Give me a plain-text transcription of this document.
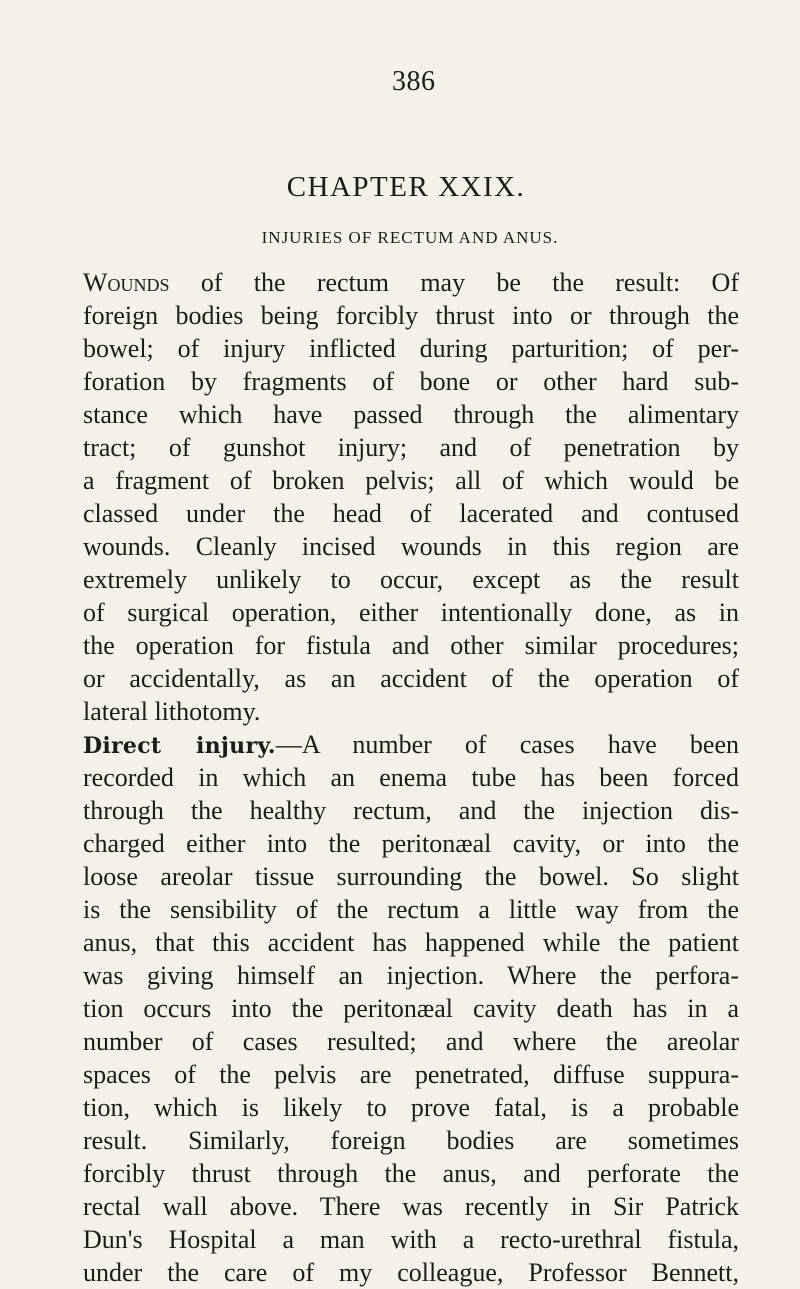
386
CHAPTER XXIX.
INJURIES OF RECTUM AND ANUS.
Wounds of the rectum may be the result: Of
foreign bodies being forcibly thrust into or through the
bowel; of injury inflicted during parturition; of per-
foration by fragments of bone or other hard sub-
stance which have passed through the alimentary
tract; of gunshot injury; and of penetration by
a fragment of broken pelvis; all of which would be
classed under the head of lacerated and contused
wounds. Cleanly incised wounds in this region are
extremely unlikely to occur, except as the result
of surgical operation, either intentionally done, as in
the operation for fistula and other similar procedures;
or accidentally, as an accident of the operation of
lateral lithotomy.
Direct injury.—A number of cases have been
recorded in which an enema tube has been forced
through the healthy rectum, and the injection dis-
charged either into the peritonæal cavity, or into the
loose areolar tissue surrounding the bowel. So slight
is the sensibility of the rectum a little way from the
anus, that this accident has happened while the patient
was giving himself an injection. Where the perfora-
tion occurs into the peritonæal cavity death has in a
number of cases resulted; and where the areolar
spaces of the pelvis are penetrated, diffuse suppura-
tion, which is likely to prove fatal, is a probable
result. Similarly, foreign bodies are sometimes
forcibly thrust through the anus, and perforate the
rectal wall above. There was recently in Sir Patrick
Dun's Hospital a man with a recto-urethral fistula,
under the care of my colleague, Professor Bennett,
